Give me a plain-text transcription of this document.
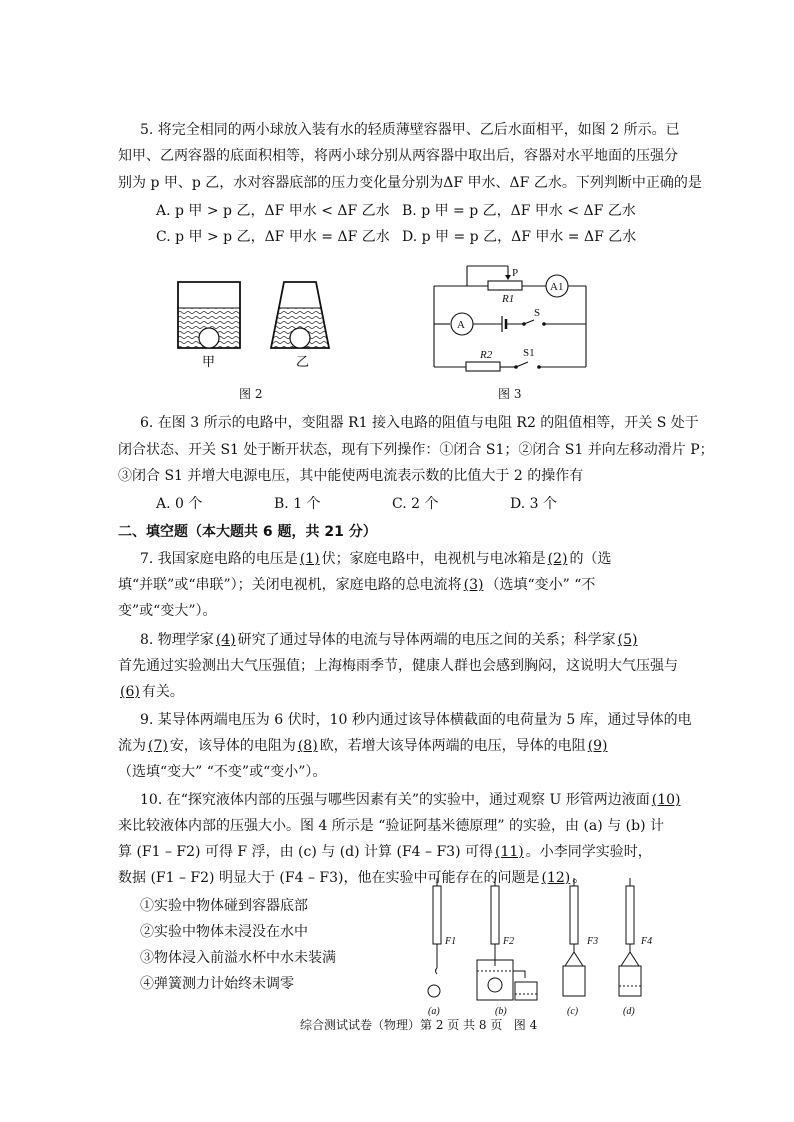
5. 将完全相同的两小球放入装有水的轻质薄壁容器甲、乙后水面相平，如图 2 所示。已
知甲、乙两容器的底面积相等，将两小球分别从两容器中取出后，容器对水平地面的压强分
别为 p 甲、p 乙，水对容器底部的压力变化量分别为ΔF 甲水、ΔF 乙水。下列判断中正确的是
A. p 甲 > p 乙，ΔF 甲水 < ΔF 乙水 B. p 甲 = p 乙，ΔF 甲水 < ΔF 乙水
C. p 甲 > p 乙，ΔF 甲水 = ΔF 乙水 D. p 甲 = p 乙，ΔF 甲水 = ΔF 乙水
甲	乙
图 2
P
R1
A1
A
S
R2	S1
图 3
6. 在图 3 所示的电路中，变阻器 R1 接入电路的阻值与电阻 R2 的阻值相等，开关 S 处于
闭合状态、开关 S1 处于断开状态，现有下列操作：①闭合 S1；②闭合 S1 并向左移动滑片 P；
③闭合 S1 并增大电源电压，其中能使两电流表示数的比值大于 2 的操作有
A. 0 个	B. 1 个	C. 2 个	D. 3 个
二、填空题（本大题共 6 题，共 21 分）
7. 我国家庭电路的电压是 (1) 伏；家庭电路中，电视机与电冰箱是 (2) 的（选
填“并联”或“串联”）；关闭电视机，家庭电路的总电流将 (3) （选填“变小” “不
变”或“变大”）。
8. 物理学家 (4) 研究了通过导体的电流与导体两端的电压之间的关系；科学家 (5)
首先通过实验测出大气压强值；上海梅雨季节，健康人群也会感到胸闷，这说明大气压强与
(6) 有关。
9. 某导体两端电压为 6 伏时，10 秒内通过该导体横截面的电荷量为 5 库，通过导体的电
流为 (7) 安，该导体的电阻为 (8) 欧，若增大该导体两端的电压，导体的电阻 (9)
（选填“变大” “不变”或“变小”）。
10. 在“探究液体内部的压强与哪些因素有关”的实验中，通过观察 U 形管两边液面 (10)
来比较液体内部的压强大小。图 4 所示是 “验证阿基米德原理” 的实验，由 (a) 与 (b) 计
算 (F1 – F2) 可得 F 浮，由 (c) 与 (d) 计算 (F4 – F3) 可得 (11) 。小李同学实验时，
数据 (F1 – F2) 明显大于 (F4 – F3)，他在实验中可能存在的问题是 (12) 。
①实验中物体碰到容器底部
②实验中物体未浸没在水中
③物体浸入前溢水杯中水未装满
④弹簧测力计始终未调零
F1	F2	F3	F4
(a)	(b)	(c)	(d)
综合测试试卷（物理）第 2 页 共 8 页 图 4
